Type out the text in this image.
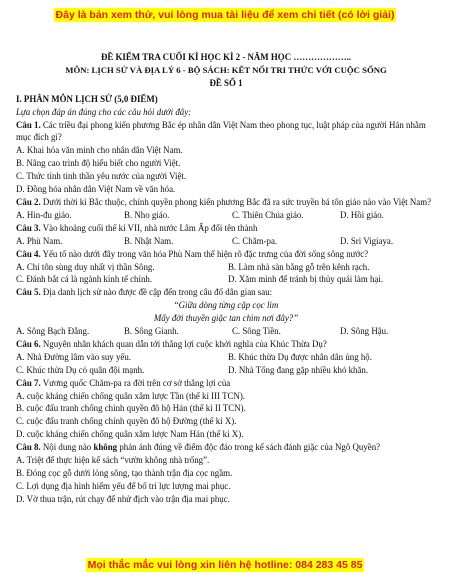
Đây là bản xem thử, vui lòng mua tài liệu để xem chi tiết (có lời giải)
ĐỀ KIỂM TRA CUỐI KÌ HỌC KÌ 2 - NĂM HỌC ………………..
MÔN: LỊCH SỬ VÀ ĐỊA LÝ 6 - BỘ SÁCH: KẾT NỐI TRI THỨC VỚI CUỘC SỐNG
ĐỀ SỐ 1
I. PHÂN MÔN LỊCH SỬ (5,0 ĐIỂM)
Lựa chọn đáp án đúng cho các câu hỏi dưới đây:
Câu 1. Các triều đại phong kiến phương Bắc ép nhân dân Việt Nam theo phong tục, luật pháp của người Hán nhằm mục đích gì?
A. Khai hóa văn minh cho nhân dân Việt Nam.
B. Nâng cao trình độ hiểu biết cho người Việt.
C. Thức tỉnh tinh thần yêu nước của người Việt.
D. Đồng hóa nhân dân Việt Nam về văn hóa.
Câu 2. Dưới thời kì Bắc thuộc, chính quyền phong kiến phương Bắc đã ra sức truyền bá tôn giáo nào vào Việt Nam?
A. Hin-đu giáo.	B. Nho giáo.	C. Thiên Chúa giáo.	D. Hồi giáo.
Câu 3. Vào khoảng cuối thế kỉ VII, nhà nước Lâm Ấp đổi tên thành
A. Phù Nam.	B. Nhật Nam.	C. Chăm-pa.	D. Sri Vigiaya.
Câu 4. Yếu tố nào dưới đây trong văn hóa Phù Nam thể hiện rõ đặc trưng của đời sống sông nước?
A. Chỉ tôn sùng duy nhất vị thần Sông.	B. Làm nhà sàn bằng gỗ trên kênh rạch.
C. Đánh bắt cá là ngành kinh tế chính.	D. Xăm mình để tránh bị thủy quái làm hại.
Câu 5. Địa danh lịch sử nào được đề cập đến trong câu đố dân gian sau:
“Giữa dòng từng cặp cọc lim
Mấy đời thuyền giặc tan chìm nơi đây?”
A. Sông Bạch Đằng.	B. Sông Gianh.	C. Sông Tiền.	D. Sông Hậu.
Câu 6. Nguyên nhân khách quan dẫn tới thắng lợi cuộc khởi nghĩa của Khúc Thừa Dụ?
A. Nhà Đường lâm vào suy yếu.	B. Khúc thừa Dụ được nhân dân ủng hộ.
C. Khúc thừa Dụ có quân đội mạnh.	D. Nhà Tống đang gặp nhiều khó khăn.
Câu 7. Vương quốc Chăm-pa ra đời trên cơ sở thắng lợi của
A. cuộc kháng chiến chống quân xâm lược Tần (thế kỉ III TCN).
B. cuộc đấu tranh chống chính quyền đô hộ Hán (thế kỉ II TCN).
C. cuộc đấu tranh chống chính quyền đô hộ Đường (thế kỉ X).
D. cuộc kháng chiến chống quân xâm lược Nam Hán (thế kỉ X).
Câu 8. Nội dung nào không phản ánh đúng về điểm độc đáo trong kế sách đánh giặc của Ngô Quyền?
A. Triệt để thực hiện kế sách “vườn không nhà trống”.
B. Đóng cọc gỗ dưới lòng sông, tạo thành trận địa cọc ngầm.
C. Lợi dụng địa hình hiểm yếu để bố trí lực lượng mai phục.
D. Vờ thua trận, rút chạy để nhử địch vào trận địa mai phục.
Mọi thắc mắc vui lòng xin liên hệ hotline: 084 283 45 85
